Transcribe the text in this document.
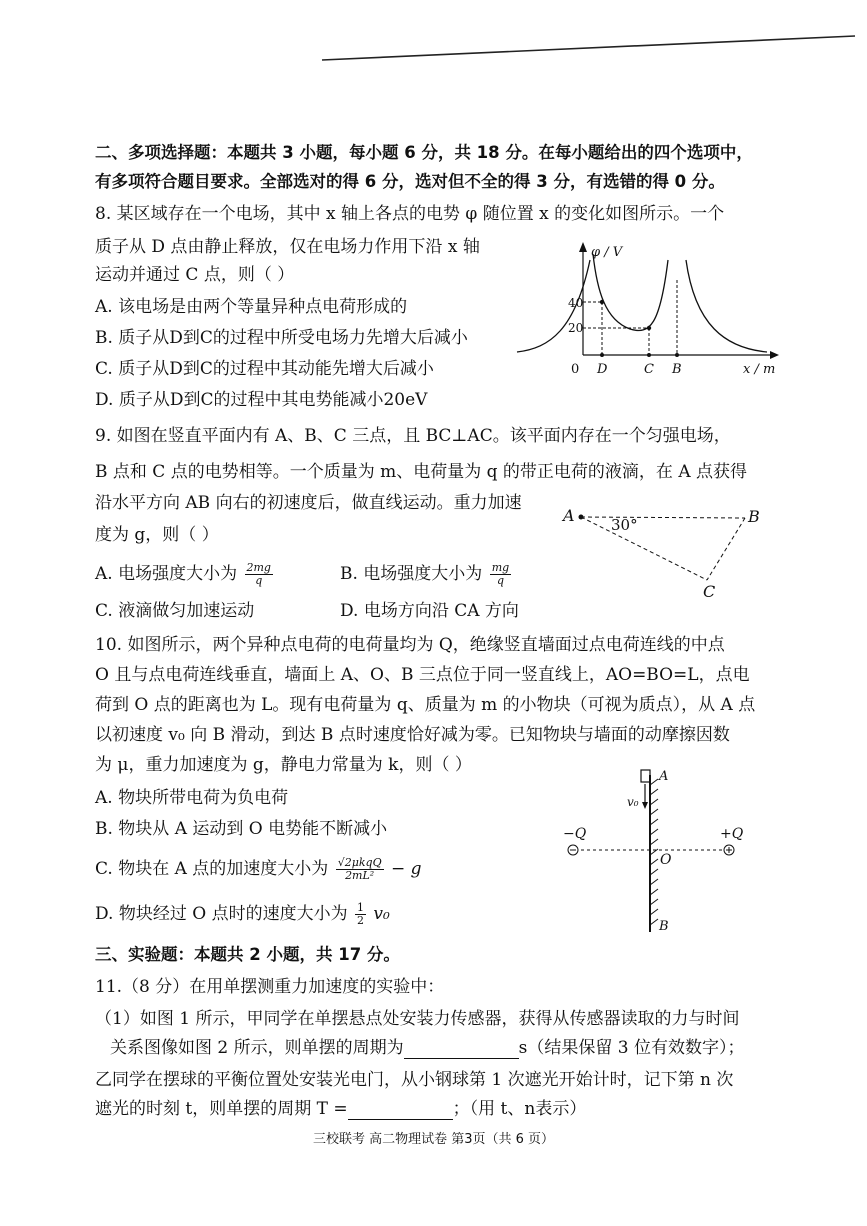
二、多项选择题：本题共 3 小题，每小题 6 分，共 18 分。在每小题给出的四个选项中，
有多项符合题目要求。全部选对的得 6 分，选对但不全的得 3 分，有选错的得 0 分。
8. 某区域存在一个电场，其中 x 轴上各点的电势 φ 随位置 x 的变化如图所示。一个
质子从 D 点由静止释放，仅在电场力作用下沿 x 轴
运动并通过 C 点，则（ ）
A. 该电场是由两个等量异种点电荷形成的
B. 质子从D到C的过程中所受电场力先增大后减小
C. 质子从D到C的过程中其动能先增大后减小
D. 质子从D到C的过程中其电势能减小20eV
φ / V
x / m
0
40
20
D	C B
9. 如图在竖直平面内有 A、B、C 三点，且 BC⊥AC。该平面内存在一个匀强电场，
B 点和 C 点的电势相等。一个质量为 m、电荷量为 q 的带正电荷的液滴，在 A 点获得
沿水平方向 AB 向右的初速度后，做直线运动。重力加速
度为 g，则（ ）
A. 电场强度大小为 $\frac{2mg}{q}$	B. 电场强度大小为 $\frac{mg}{q}$
C. 液滴做匀加速运动	D. 电场方向沿 CA 方向
A	B
C
30°
10. 如图所示，两个异种点电荷的电荷量均为 Q，绝缘竖直墙面过点电荷连线的中点
O 且与点电荷连线垂直，墙面上 A、O、B 三点位于同一竖直线上，AO=BO=L，点电
荷到 O 点的距离也为 L。现有电荷量为 q、质量为 m 的小物块（可视为质点），从 A 点
以初速度 v₀ 向 B 滑动，到达 B 点时速度恰好减为零。已知物块与墙面的动摩擦因数
为 μ，重力加速度为 g，静电力常量为 k，则（ ）
A. 物块所带电荷为负电荷
B. 物块从 A 运动到 O 电势能不断减小
C. 物块在 A 点的加速度大小为 $\frac{\text{√2μkqQ}}{\text{2mL²}} - g$
D. 物块经过 O 点时的速度大小为 $\frac{1}{2} v_0$
v₀
A
B
−Q	+Q
O
三、实验题：本题共 2 小题，共 17 分。
11.（8 分）在用单摆测重力加速度的实验中：
（1）如图 1 所示，甲同学在单摆悬点处安装力传感器，获得从传感器读取的力与时间
关系图像如图 2 所示，则单摆的周期为	s（结果保留 3 位有效数字）；
乙同学在摆球的平衡位置处安装光电门，从小钢球第 1 次遮光开始计时，记下第 n 次
遮光的时刻 t，则单摆的周期 T =	；（用 t、n表示）
三校联考 高二物理试卷 第3页（共 6 页）
